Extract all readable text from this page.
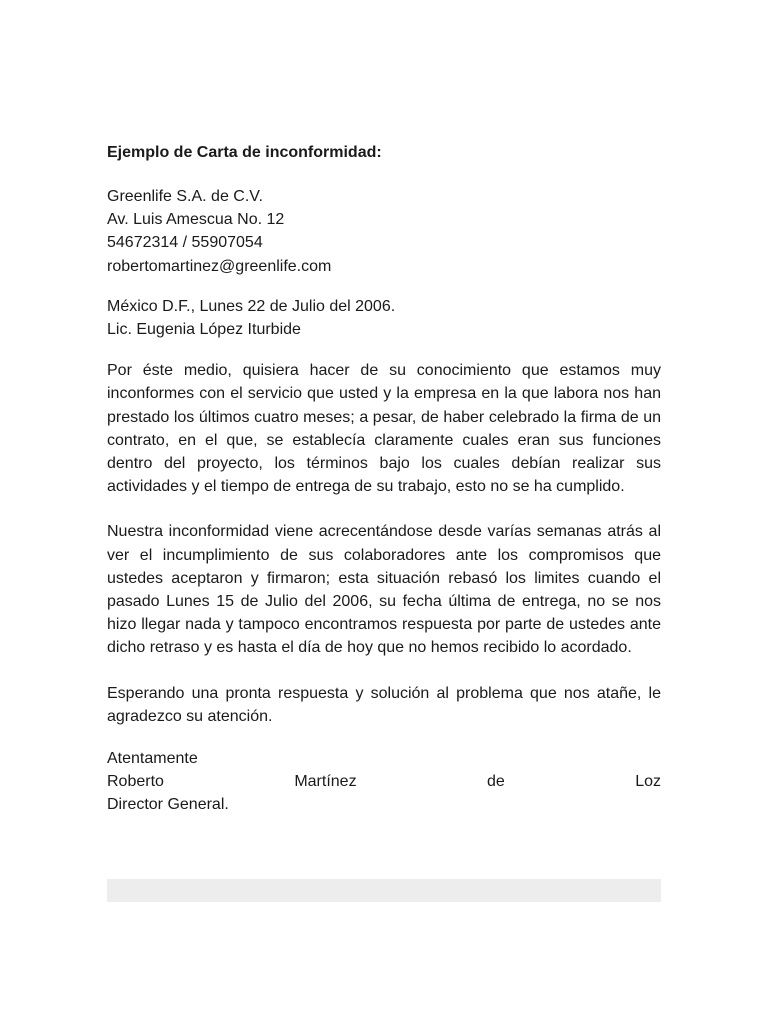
Ejemplo de Carta de inconformidad:
Greenlife S.A. de C.V.
Av. Luis Amescua No. 12
54672314 / 55907054
robertomartinez@greenlife.com
México D.F., Lunes 22 de Julio del 2006.
Lic. Eugenia López Iturbide
Por éste medio, quisiera hacer de su conocimiento que estamos muy inconformes con el servicio que usted y la empresa en la que labora nos han prestado los últimos cuatro meses; a pesar, de haber celebrado la firma de un contrato, en el que, se establecía claramente cuales eran sus funciones dentro del proyecto, los términos bajo los cuales debían realizar sus actividades y el tiempo de entrega de su trabajo, esto no se ha cumplido.
Nuestra inconformidad viene acrecentándose desde varías semanas atrás al ver el incumplimiento de sus colaboradores ante los compromisos que ustedes aceptaron y firmaron; esta situación rebasó los limites cuando el pasado Lunes 15 de Julio del 2006, su fecha última de entrega, no se nos hizo llegar nada y tampoco encontramos respuesta por parte de ustedes ante dicho retraso y es hasta el día de hoy que no hemos recibido lo acordado.
Esperando una pronta respuesta y solución al problema que nos atañe, le agradezco su atención.
Atentamente
Roberto	Martínez	de	Loz
Director General.
